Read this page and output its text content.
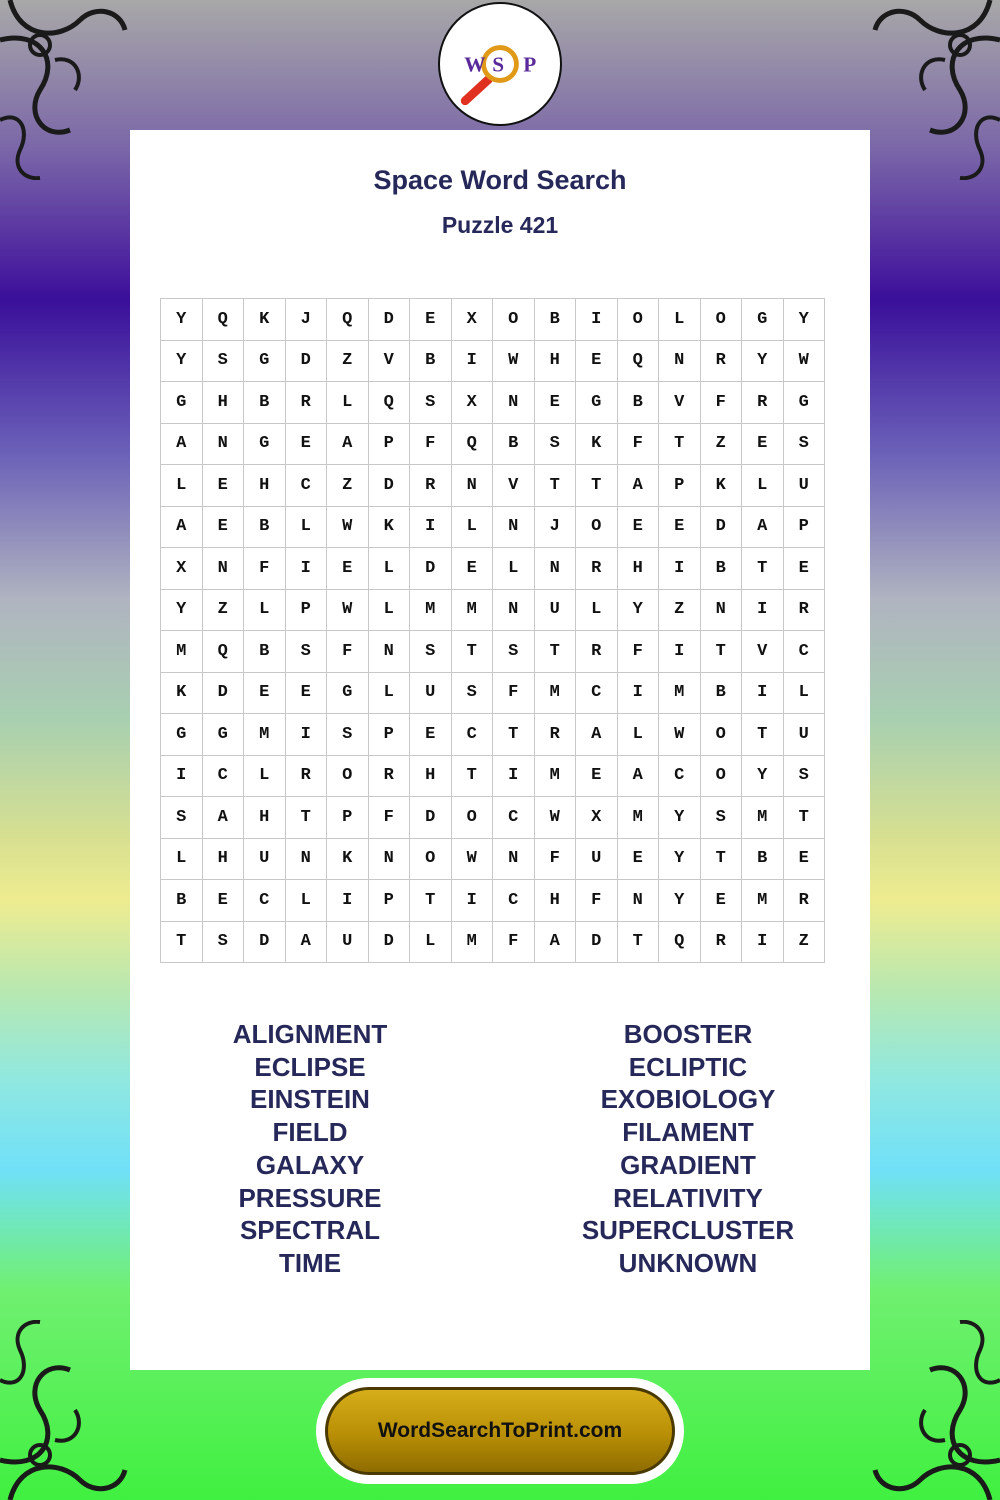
W S P
Space Word Search
Puzzle 421
Y	Q	K	J	Q	D	E	X	O	B	I	O	L	O	G	Y
Y	S	G	D	Z	V	B	I	W	H	E	Q	N	R	Y	W
G	H	B	R	L	Q	S	X	N	E	G	B	V	F	R	G
A	N	G	E	A	P	F	Q	B	S	K	F	T	Z	E	S
L	E	H	C	Z	D	R	N	V	T	T	A	P	K	L	U
A	E	B	L	W	K	I	L	N	J	O	E	E	D	A	P
X	N	F	I	E	L	D	E	L	N	R	H	I	B	T	E
Y	Z	L	P	W	L	M	M	N	U	L	Y	Z	N	I	R
M	Q	B	S	F	N	S	T	S	T	R	F	I	T	V	C
K	D	E	E	G	L	U	S	F	M	C	I	M	B	I	L
G	G	M	I	S	P	E	C	T	R	A	L	W	O	T	U
I	C	L	R	O	R	H	T	I	M	E	A	C	O	Y	S
S	A	H	T	P	F	D	O	C	W	X	M	Y	S	M	T
L	H	U	N	K	N	O	W	N	F	U	E	Y	T	B	E
B	E	C	L	I	P	T	I	C	H	F	N	Y	E	M	R
T	S	D	A	U	D	L	M	F	A	D	T	Q	R	I	Z
ALIGNMENT
ECLIPSE
EINSTEIN
FIELD
GALAXY
PRESSURE
SPECTRAL
TIME
BOOSTER
ECLIPTIC
EXOBIOLOGY
FILAMENT
GRADIENT
RELATIVITY
SUPERCLUSTER
UNKNOWN
WordSearchToPrint.com
